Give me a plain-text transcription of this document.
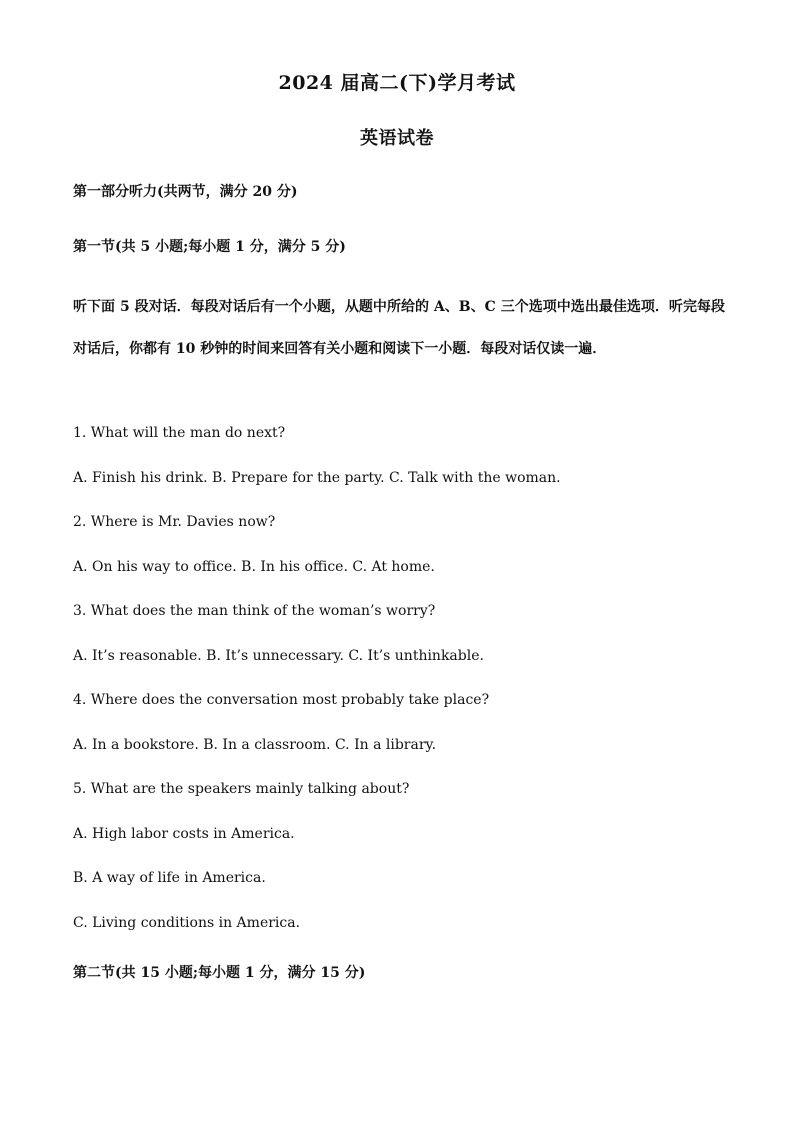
2024 届高二(下)学月考试
英语试卷
第一部分听力(共两节，满分 20 分)
第一节(共 5 小题;每小题 1 分，满分 5 分)
听下面 5 段对话．每段对话后有一个小题，从题中所给的 A、B、C 三个选项中选出最佳选项．听完每段对话后，你都有 10 秒钟的时间来回答有关小题和阅读下一小题．每段对话仅读一遍．
1. What will the man do next?
A. Finish his drink. B. Prepare for the party. C. Talk with the woman.
2. Where is Mr. Davies now?
A. On his way to office. B. In his office. C. At home.
3. What does the man think of the woman’s worry?
A. It’s reasonable. B. It’s unnecessary. C. It’s unthinkable.
4. Where does the conversation most probably take place?
A. In a bookstore. B. In a classroom. C. In a library.
5. What are the speakers mainly talking about?
A. High labor costs in America.
B. A way of life in America.
C. Living conditions in America.
第二节(共 15 小题;每小题 1 分，满分 15 分)
